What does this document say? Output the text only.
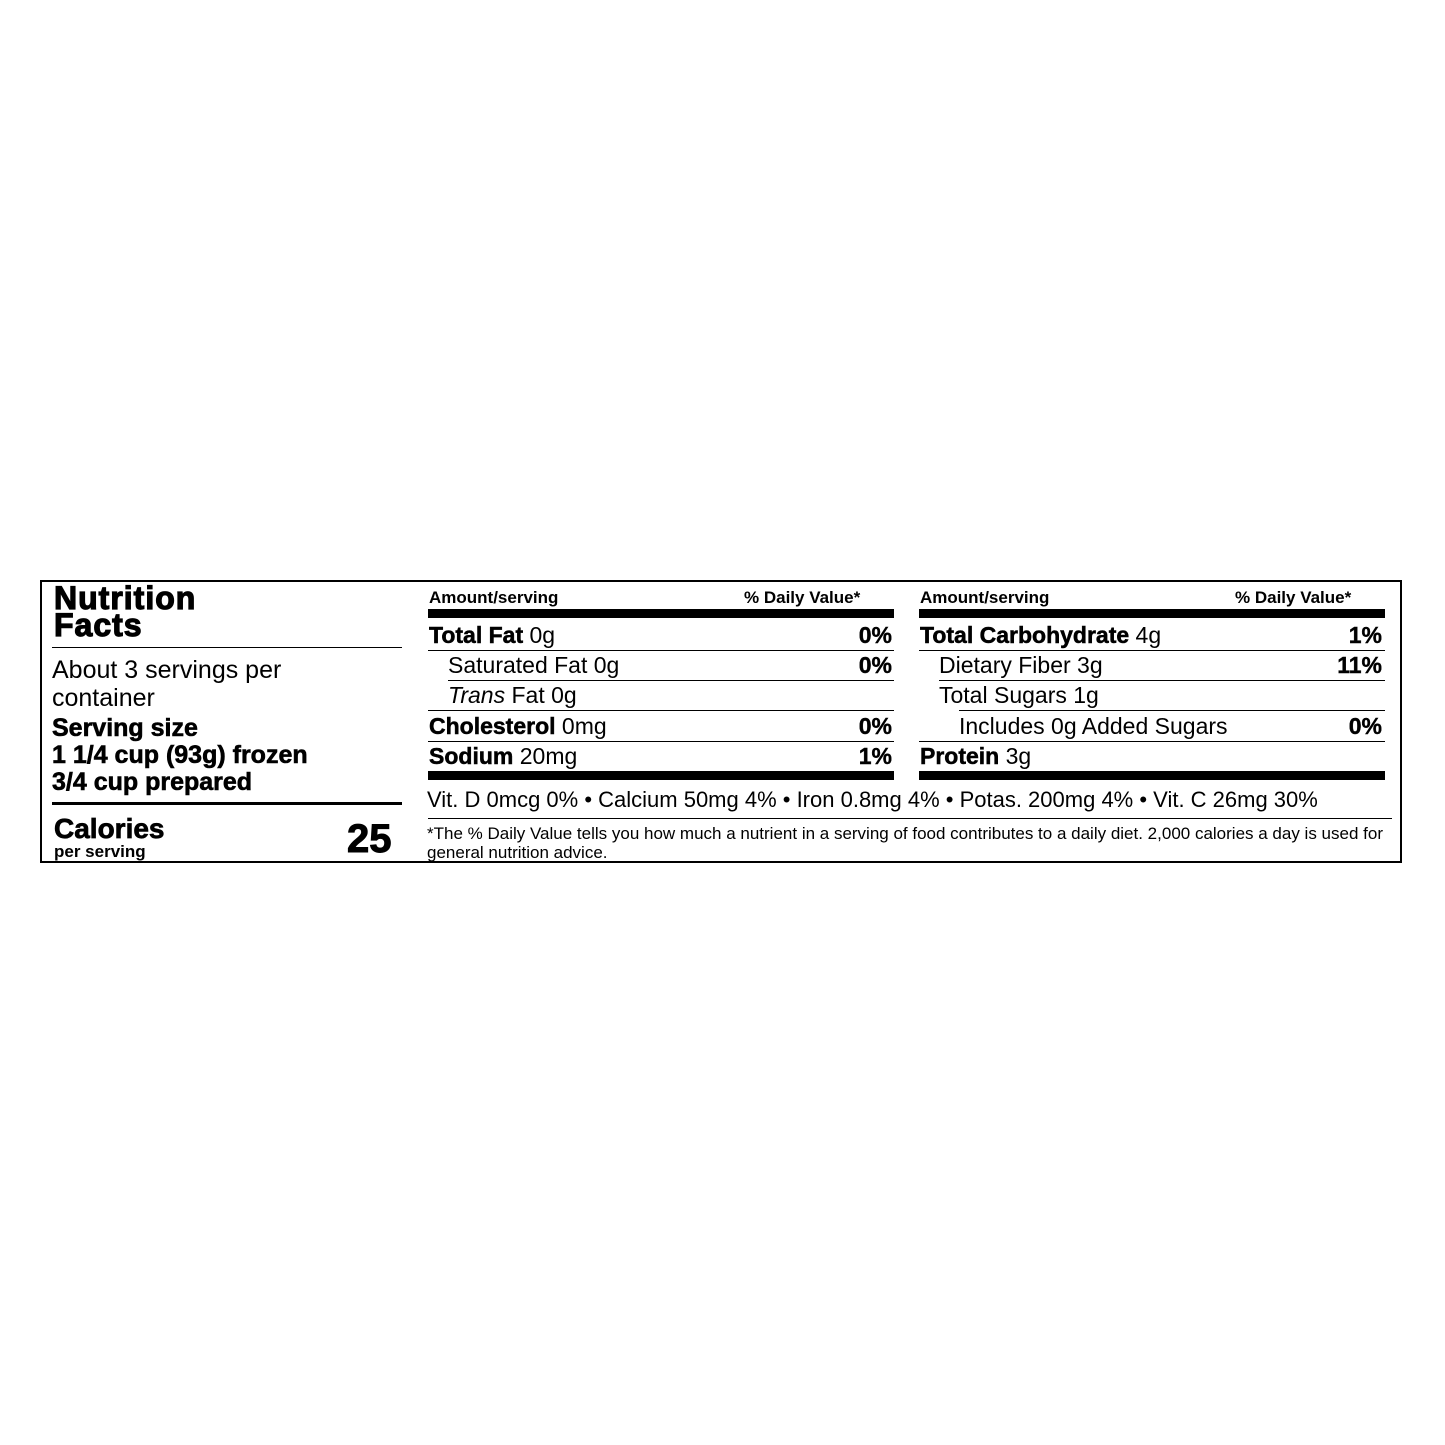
Nutrition
Facts
About 3 servings per container
Serving size
1 1/4 cup (93g) frozen
3/4 cup prepared
Calories
per serving	25
Amount/serving	% Daily Value*
Total Fat 0g	0%
Saturated Fat 0g	0%
Trans Fat 0g
Cholesterol 0mg	0%
Sodium 20mg	1%
Amount/serving	% Daily Value*
Total Carbohydrate 4g	1%
Dietary Fiber 3g	11%
Total Sugars 1g
Includes 0g Added Sugars	0%
Protein 3g
Vit. D 0mcg 0% • Calcium 50mg 4% • Iron 0.8mg 4% • Potas. 200mg 4% • Vit. C 26mg 30%
*The % Daily Value tells you how much a nutrient in a serving of food contributes to a daily diet. 2,000 calories a day is used for general nutrition advice.
